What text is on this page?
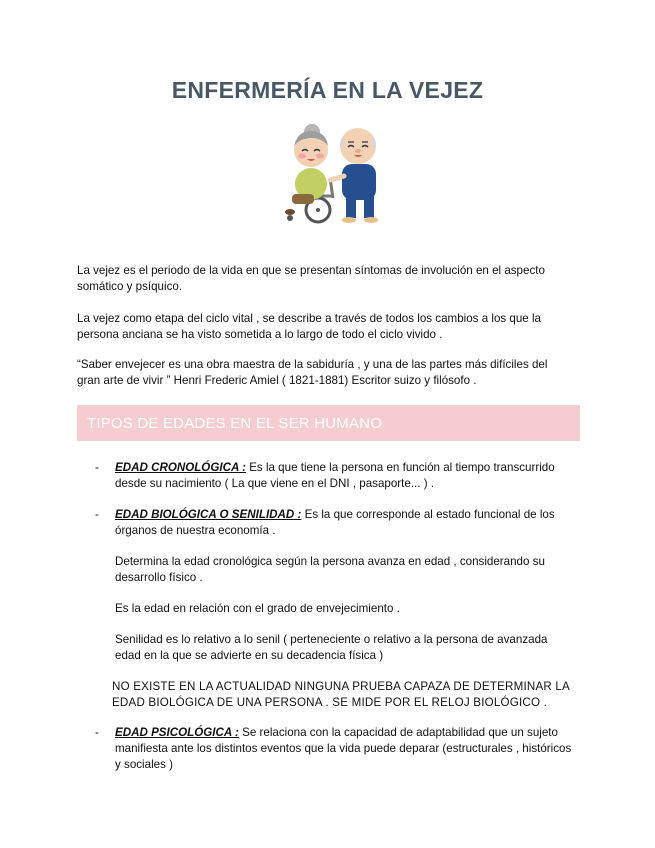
ENFERMERÍA EN LA VEJEZ

La vejez es el periodo de la vida en que se presentan síntomas de involución en el aspecto somático y psíquico.

La vejez como etapa del ciclo vital , se describe a través de todos los cambios a los que la persona anciana se ha visto sometida a lo largo de todo el ciclo vivido .

“Saber envejecer es una obra maestra de la sabiduría , y una de las partes más difíciles del gran arte de vivir ” Henri Frederic Amiel ( 1821-1881) Escritor suizo y filósofo .

TIPOS DE EDADES EN EL SER HUMANO
- EDAD CRONOLÓGICA : Es la que tiene la persona en función al tiempo transcurrido desde su nacimiento ( La que viene en el DNI , pasaporte... ) .

- EDAD BIOLÓGICA O SENILIDAD : Es la que corresponde al estado funcional de los órganos de nuestra economía .

Determina la edad cronológica según la persona avanza en edad , considerando su desarrollo físico .

Es la edad en relación con el grado de envejecimiento .

Senilidad es lo relativo a lo senil ( perteneciente o relativo a la persona de avanzada edad en la que se advierte en su decadencia física )

NO EXISTE EN LA ACTUALIDAD NINGUNA PRUEBA CAPAZA DE DETERMINAR LA EDAD BIOLÓGICA DE UNA PERSONA . SE MIDE POR EL RELOJ BIOLÓGICO .

- EDAD PSICOLÓGICA : Se relaciona con la capacidad de adaptabilidad que un sujeto manifiesta ante los distintos eventos que la vida puede deparar (estructurales , históricos y sociales )
